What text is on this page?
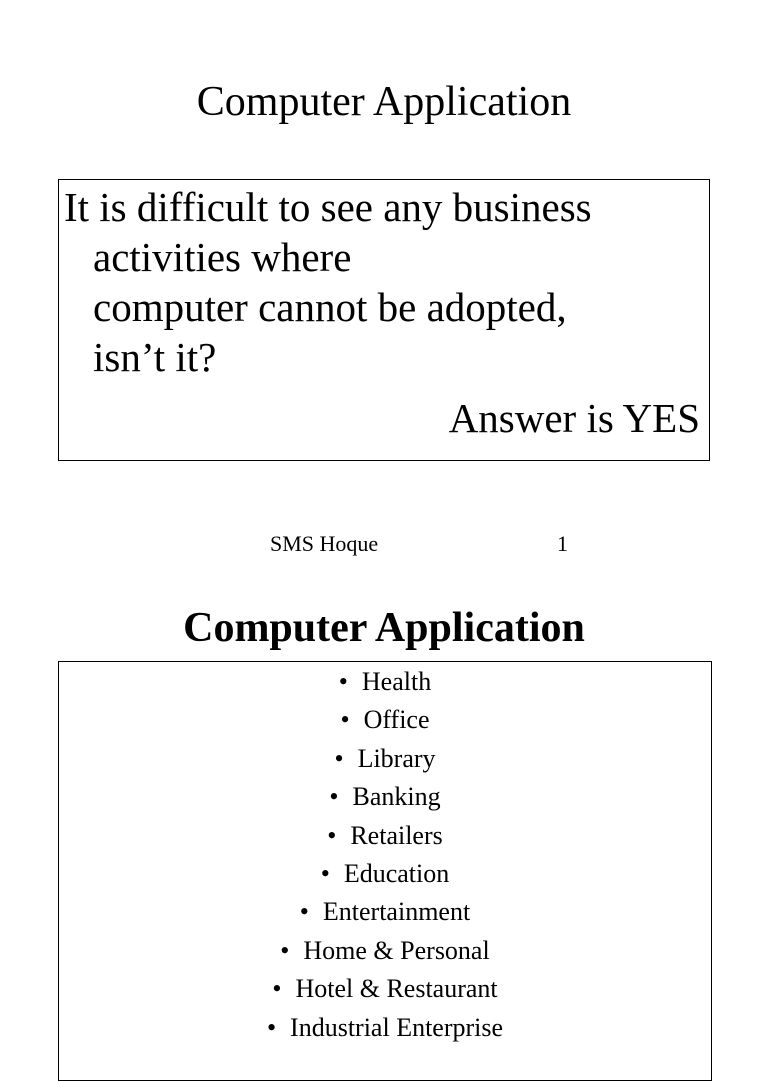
Computer Application

It is difficult to see any business
activities where
computer cannot be adopted,
isn’t it?

Answer is YES
SMS Hoque	1
Computer Application
• Health
• Office
• Library
• Banking
• Retailers
• Education
• Entertainment
• Home & Personal
• Hotel & Restaurant
• Industrial Enterprise
